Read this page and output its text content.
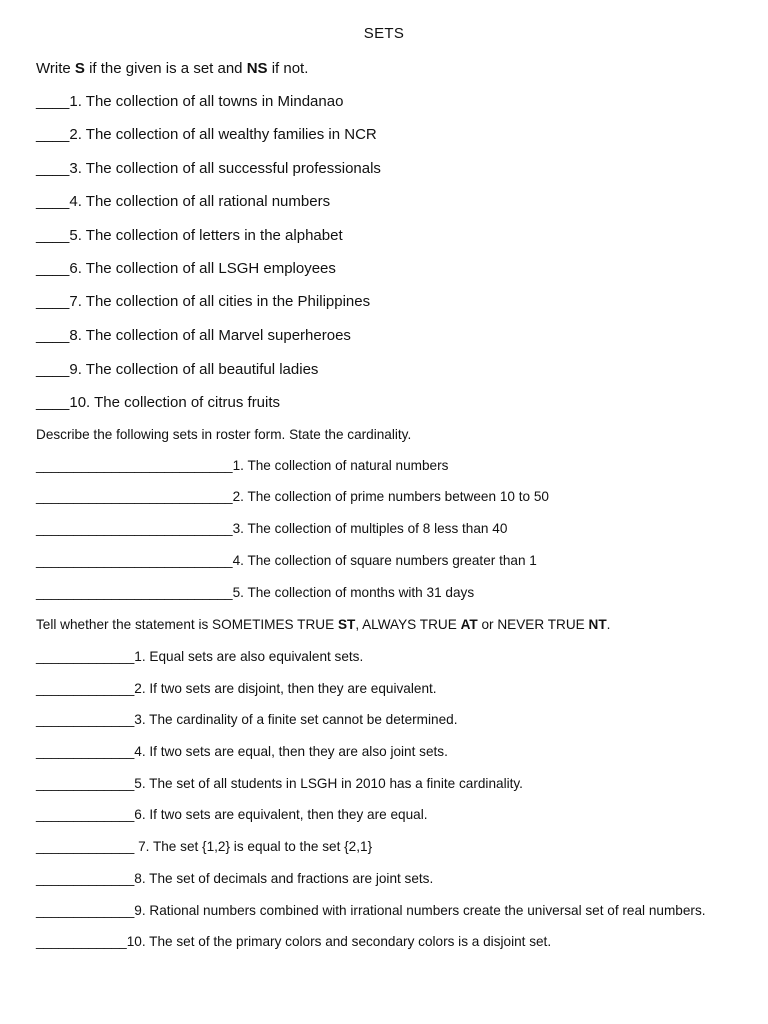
SETS
Write S if the given is a set and NS if not.
____1. The collection of all towns in Mindanao
____2. The collection of all wealthy families in NCR
____3. The collection of all successful professionals
____4. The collection of all rational numbers
____5. The collection of letters in the alphabet
____6. The collection of all LSGH employees
____7. The collection of all cities in the Philippines
____8. The collection of all Marvel superheroes
____9. The collection of all beautiful ladies
____10. The collection of citrus fruits
Describe the following sets in roster form. State the cardinality.
__________________________1. The collection of natural numbers
__________________________2. The collection of prime numbers between 10 to 50
__________________________3. The collection of multiples of 8 less than 40
__________________________4. The collection of square numbers greater than 1
__________________________5. The collection of months with 31 days
Tell whether the statement is SOMETIMES TRUE ST, ALWAYS TRUE AT or NEVER TRUE NT.
_____________1. Equal sets are also equivalent sets.
_____________2. If two sets are disjoint, then they are equivalent.
_____________3. The cardinality of a finite set cannot be determined.
_____________4. If two sets are equal, then they are also joint sets.
_____________5. The set of all students in LSGH in 2010 has a finite cardinality.
_____________6. If two sets are equivalent, then they are equal.
_____________ 7. The set {1,2} is equal to the set {2,1}
_____________8. The set of decimals and fractions are joint sets.
_____________9. Rational numbers combined with irrational numbers create the universal set of real numbers.
____________10. The set of the primary colors and secondary colors is a disjoint set.
